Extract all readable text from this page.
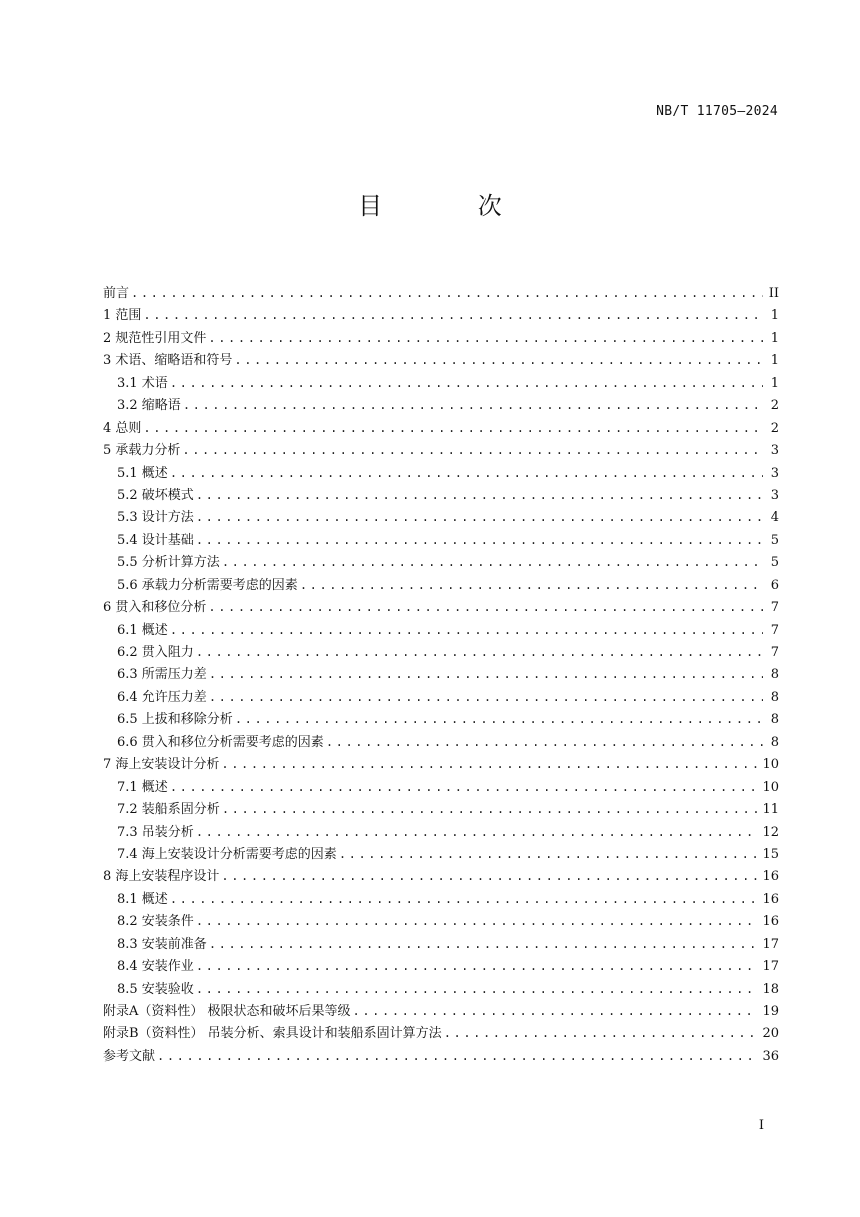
NB/T 11705—2024
目 次
前言 .....	II
1 范围 .....	1
2 规范性引用文件 .....	1
3 术语、缩略语和符号 .....	1
3.1 术语 .....	1
3.2 缩略语 .....	2
4 总则 .....	2
5 承载力分析 .....	3
5.1 概述 .....	3
5.2 破坏模式 .....	3
5.3 设计方法 .....	4
5.4 设计基础 .....	5
5.5 分析计算方法 .....	5
5.6 承载力分析需要考虑的因素 .....	6
6 贯入和移位分析 .....	7
6.1 概述 .....	7
6.2 贯入阻力 .....	7
6.3 所需压力差 .....	8
6.4 允许压力差 .....	8
6.5 上拔和移除分析 .....	8
6.6 贯入和移位分析需要考虑的因素 .....	8
7 海上安装设计分析 .....	10
7.1 概述 .....	10
7.2 装船系固分析 .....	11
7.3 吊装分析 .....	12
7.4 海上安装设计分析需要考虑的因素 .....	15
8 海上安装程序设计 .....	16
8.1 概述 .....	16
8.2 安装条件 .....	16
8.3 安装前准备 .....	17
8.4 安装作业 .....	17
8.5 安装验收 .....	18
附录A（资料性） 极限状态和破坏后果等级 .....	19
附录B（资料性） 吊装分析、索具设计和装船系固计算方法 .....	20
参考文献 .....	36
I
